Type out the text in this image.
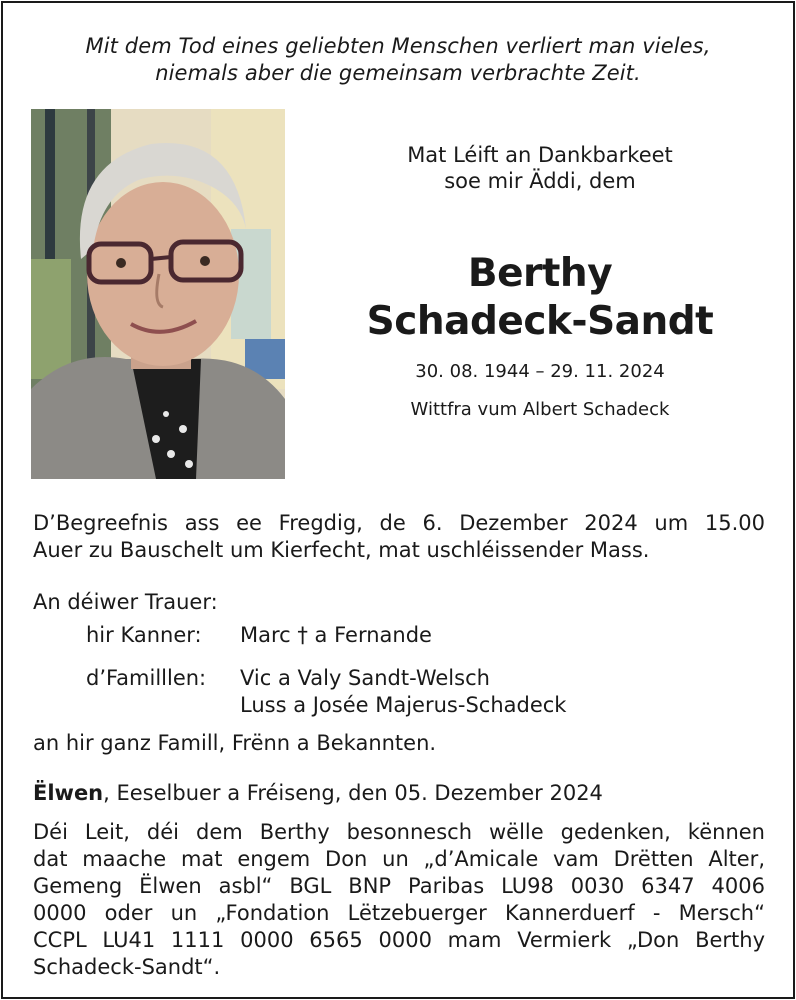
Mit dem Tod eines geliebten Menschen verliert man vieles,
niemals aber die gemeinsam verbrachte Zeit.
Mat Léift an Dankbarkeet
soe mir Äddi, dem
Berthy
Schadeck-Sandt
30. 08. 1944 – 29. 11. 2024
Wittfra vum Albert Schadeck
D’Begreefnis ass ee Fregdig, de 6. Dezember 2024 um 15.00
Auer zu Bauschelt um Kierfecht, mat uschléissender Mass.
An déiwer Trauer:
hir Kanner: Marc † a Fernande
d’Familllen: Vic a Valy Sandt-Welsch
Luss a Josée Majerus-Schadeck
an hir ganz Famill, Frënn a Bekannten.
Ëlwen, Eeselbuer a Fréiseng, den 05. Dezember 2024
Déi Leit, déi dem Berthy besonnesch wëlle gedenken, kënnen
dat maache mat engem Don un „d’Amicale vam Drëtten Alter,
Gemeng Ëlwen asbl“ BGL BNP Paribas LU98 0030 6347 4006
0000 oder un „Fondation Lëtzebuerger Kannerduerf - Mersch“
CCPL LU41 1111 0000 6565 0000 mam Vermierk „Don Berthy
Schadeck-Sandt“.
